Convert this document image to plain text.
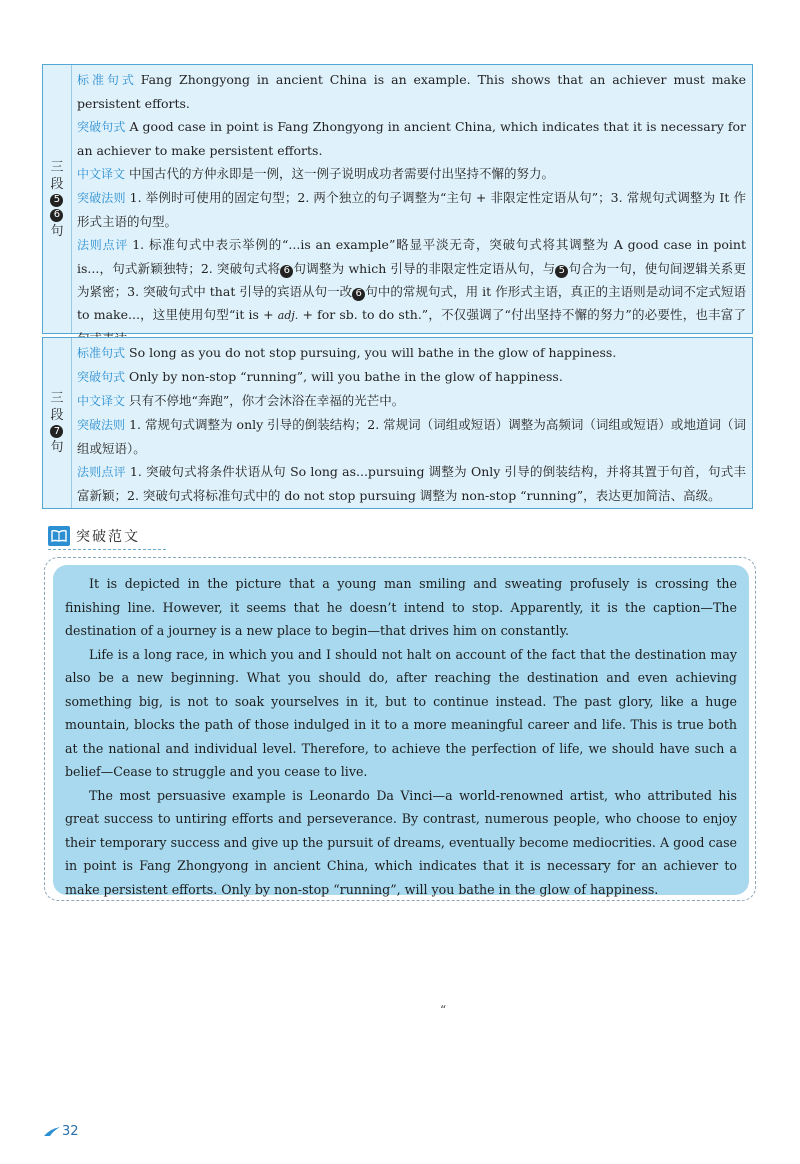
三
段
5
6
句

标准句式 Fang Zhongyong in ancient China is an example. This shows that an achiever must make persistent efforts.

突破句式 A good case in point is Fang Zhongyong in ancient China, which indicates that it is necessary for an achiever to make persistent efforts.

中文译文 中国古代的方仲永即是一例，这一例子说明成功者需要付出坚持不懈的努力。

突破法则 1. 举例时可使用的固定句型；2. 两个独立的句子调整为“主句 + 非限定性定语从句”；3. 常规句式调整为 It 作形式主语的句型。

法则点评 1. 标准句式中表示举例的“...is an example”略显平淡无奇，突破句式将其调整为 A good case in point is...，句式新颖独特；2. 突破句式将 6 句调整为 which 引导的非限定性定语从句，与 5 句合为一句，使句间逻辑关系更为紧密；3. 突破句式中 that 引导的宾语从句一改 6 句中的常规句式，用 it 作形式主语，真正的主语则是动词不定式短语 to make...，这里使用句型“it is + adj. + for sb. to do sth.”，不仅强调了“付出坚持不懈的努力”的必要性，也丰富了

三
段
7
句

标准句式 So long as you do not stop pursuing, you will bathe in the glow of happiness.

突破句式 Only by non-stop “running”, will you bathe in the glow of happiness.

中文译文 只有不停地“奔跑”，你才会沐浴在幸福的光芒中。

突破法则 1. 常规句式调整为 only 引导的倒装结构；2. 常规词（词组或短语）调整为高频词（词组或短语）或地道词（词组或短语）。

法则点评 1. 突破句式将条件状语从句 So long as...pursuing 调整为 Only 引导的倒装结构，并将其置于句首，句式丰富新颖；2. 突破句式将标准句式中的 do not stop pursuing 调整为 non-stop “running”，表达更加简洁、高级。

突破范文

It is depicted in the picture that a young man smiling and sweating profusely is crossing the finishing line. However, it seems that he doesn’t intend to stop. Apparently, it is the caption—The destination of a journey is a new place to begin—that drives him on constantly.

Life is a long race, in which you and I should not halt on account of the fact that the destination may also be a new beginning. What you should do, after reaching the destination and even achieving something big, is not to soak yourselves in it, but to continue instead. The past glory, like a huge mountain, blocks the path of those indulged in it to a more meaningful career and life. This is true both at the national and individual level. Therefore, to achieve the perfection of life, we should have such a belief—Cease to struggle and you cease to live.

The most persuasive example is Leonardo Da Vinci—a world-renowned artist, who attributed his great success to untiring efforts and perseverance. By contrast, numerous people, who choose to enjoy their temporary success and give up the pursuit of dreams, eventually become mediocrities. A good case in point is Fang Zhongyong in ancient China, which indicates that it is necessary for an achiever to make persistent efforts. Only by non-stop “running”, will you bathe in the glow of happiness.

“
32
